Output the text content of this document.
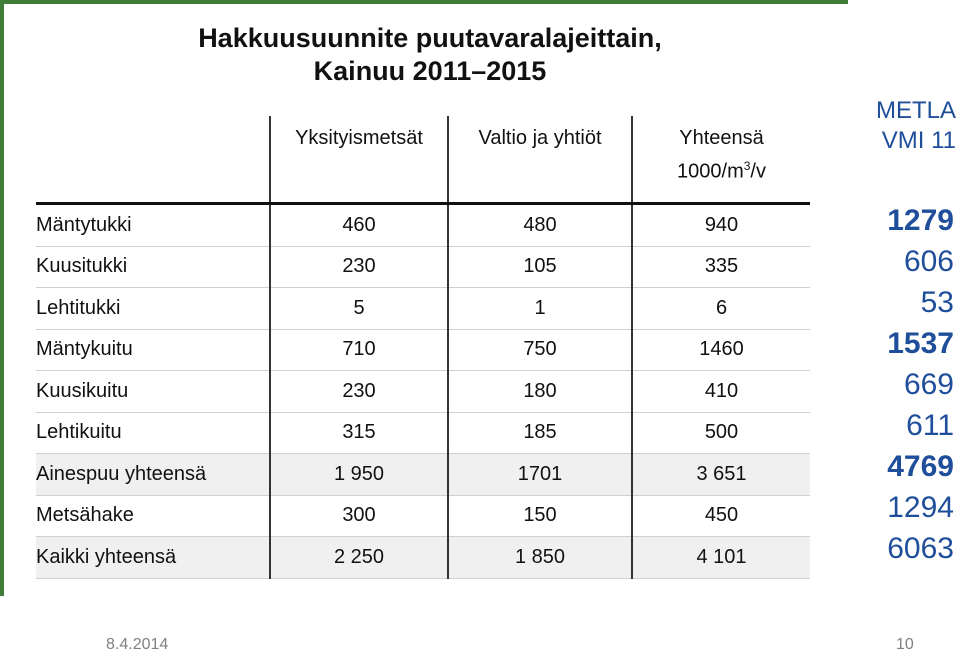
METLA
VMI 11
1279
606
53
1537
669
611
4769
1294
6063
Hakkuusuunnite puutavaralajeittain,
Kainuu 2011–2015
	Yksityismetsät	Valtio ja yhtiöt	Yhteensä
$1000/m^3/v$

Mäntytukki	460	480	940
Kuusitukki	230	105	335
Lehtitukki	5	1	6
Mäntykuitu	710	750	1460
Kuusikuitu	230	180	410
Lehtikuitu	315	185	500
Ainespuu yhteensä	1 950	1701	3 651
Metsähake	300	150	450
Kaikki yhteensä	2 250	1 850	4 101
8.4.2014	10
